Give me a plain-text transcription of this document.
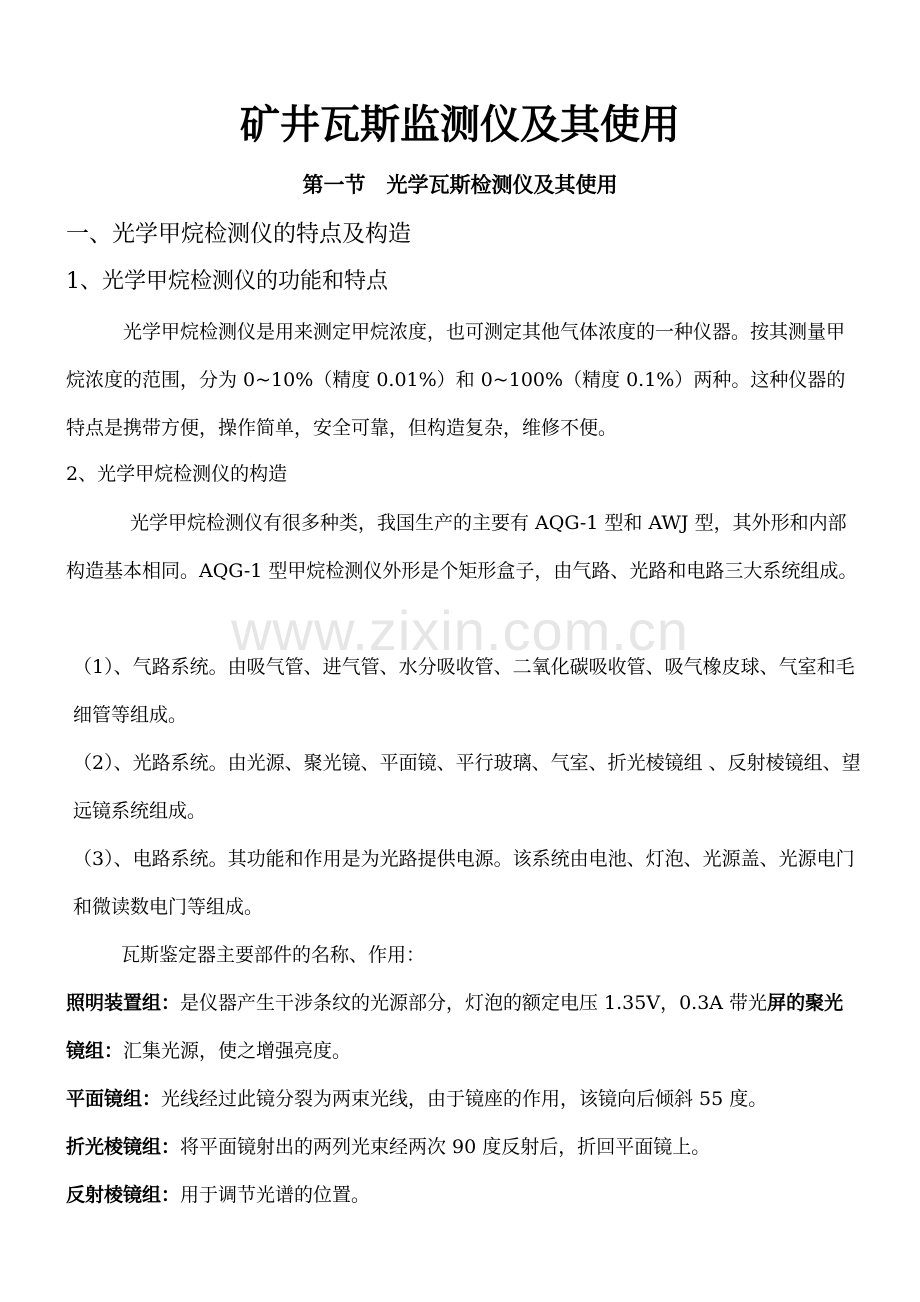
www.zixin.com.cn
矿井瓦斯监测仪及其使用
第一节　光学瓦斯检测仪及其使用
一、光学甲烷检测仪的特点及构造
1、光学甲烷检测仪的功能和特点

光学甲烷检测仪是用来测定甲烷浓度，也可测定其他气体浓度的一种仪器。按其测量甲烷浓度的范围，分为 0~10%（精度 0.01%）和 0~100%（精度 0.1%）两种。这种仪器的特点是携带方便，操作简单，安全可靠，但构造复杂，维修不便。

2、光学甲烷检测仪的构造

光学甲烷检测仪有很多种类，我国生产的主要有 AQG-1 型和 AWJ 型，其外形和内部构造基本相同。AQG-1 型甲烷检测仪外形是个矩形盒子，由气路、光路和电路三大系统组成。

（1）、气路系统。由吸气管、进气管、水分吸收管、二氧化碳吸收管、吸气橡皮球、气室和毛细管等组成。

（2）、光路系统。由光源、聚光镜、平面镜、平行玻璃、气室、折光棱镜组 、反射棱镜组、望远镜系统组成。

（3）、电路系统。其功能和作用是为光路提供电源。该系统由电池、灯泡、光源盖、光源电门和微读数电门等组成。

瓦斯鉴定器主要部件的名称、作用：

照明装置组：是仪器产生干涉条纹的光源部分，灯泡的额定电压 1.35V，0.3A 带光屏的聚光镜组：汇集光源，使之增强亮度。

平面镜组：光线经过此镜分裂为两束光线，由于镜座的作用，该镜向后倾斜 55 度。

折光棱镜组：将平面镜射出的两列光束经两次 90 度反射后，折回平面镜上。

反射棱镜组：用于调节光谱的位置。
